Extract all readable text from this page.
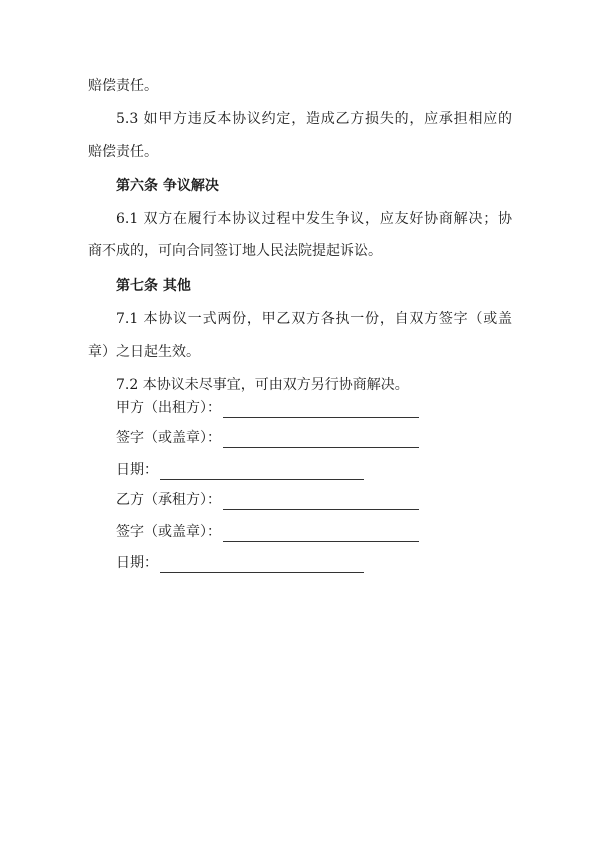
赔偿责任。
5.3 如甲方违反本协议约定，造成乙方损失的，应承担相应的
赔偿责任。
第六条 争议解决
6.1 双方在履行本协议过程中发生争议，应友好协商解决；协
商不成的，可向合同签订地人民法院提起诉讼。
第七条 其他
7.1 本协议一式两份，甲乙双方各执一份，自双方签字（或盖
章）之日起生效。
7.2 本协议未尽事宜，可由双方另行协商解决。
甲方（出租方）：
签字（或盖章）：
日期：
乙方（承租方）：
签字（或盖章）：
日期：
